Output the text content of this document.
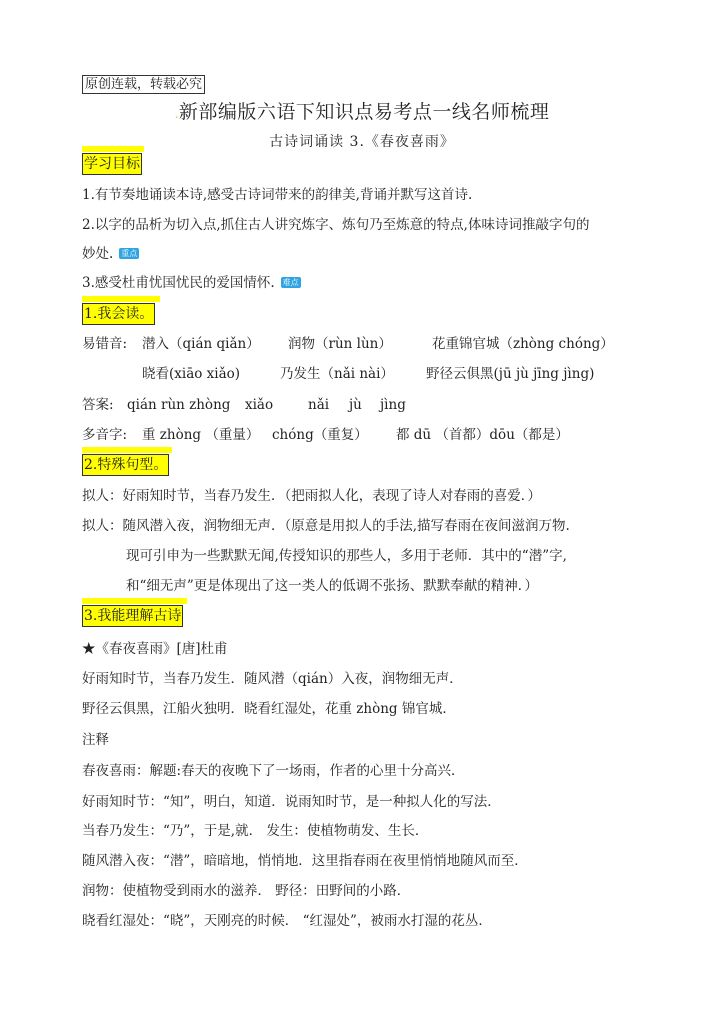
原创连载，转载必究
.新部编版六语下知识点易考点一线名师梳理
古诗词诵读 3.《春夜喜雨》
学习目标
1.有节奏地诵读本诗,感受古诗词带来的韵律美,背诵并默写这首诗.
2.以字的品析为切入点,抓住古人讲究炼字、炼句乃至炼意的特点,体味诗词推敲字句的
妙处. 重点
3.感受杜甫忧国忧民的爱国情怀. 难点
1.我会读。
易错音: 潜入（qián qiǎn） 润物（rùn lùn）	花重锦官城（zhòng chóng）
晓看(xiāo xiǎo)	乃发生（nǎi nài） 野径云俱黑(jū jù jīng jìng)
答案: qián rùn zhòng xiǎo	nǎi jù jìng
多音字: 重 zhòng （重量） chóng（重复） 都 dū （首都）dōu（都是）
2.特殊句型。
拟人：好雨知时节，当春乃发生．（把雨拟人化，表现了诗人对春雨的喜爱．）
拟人：随风潜入夜，润物细无声．（原意是用拟人的手法,描写春雨在夜间滋润万物.
现可引申为一些默默无闻,传授知识的那些人，多用于老师．其中的“潜”字,
和“细无声”更是体现出了这一类人的低调不张扬、默默奉献的精神．）
3.我能理解古诗
★《春夜喜雨》[唐]杜甫
好雨知时节，当春乃发生．随风潜（qián）入夜，润物细无声．
野径云俱黑，江船火独明．晓看红湿处，花重 zhòng 锦官城．
注释
春夜喜雨：解题:春天的夜晚下了一场雨，作者的心里十分高兴．
好雨知时节：“知”，明白，知道．说雨知时节，是一种拟人化的写法．
当春乃发生：“乃”，于是,就． 发生：使植物萌发、生长．
随风潜入夜：“潜”，暗暗地，悄悄地．这里指春雨在夜里悄悄地随风而至．
润物：使植物受到雨水的滋养． 野径：田野间的小路．
晓看红湿处：“晓”，天刚亮的时候． “红湿处”，被雨水打湿的花丛．
